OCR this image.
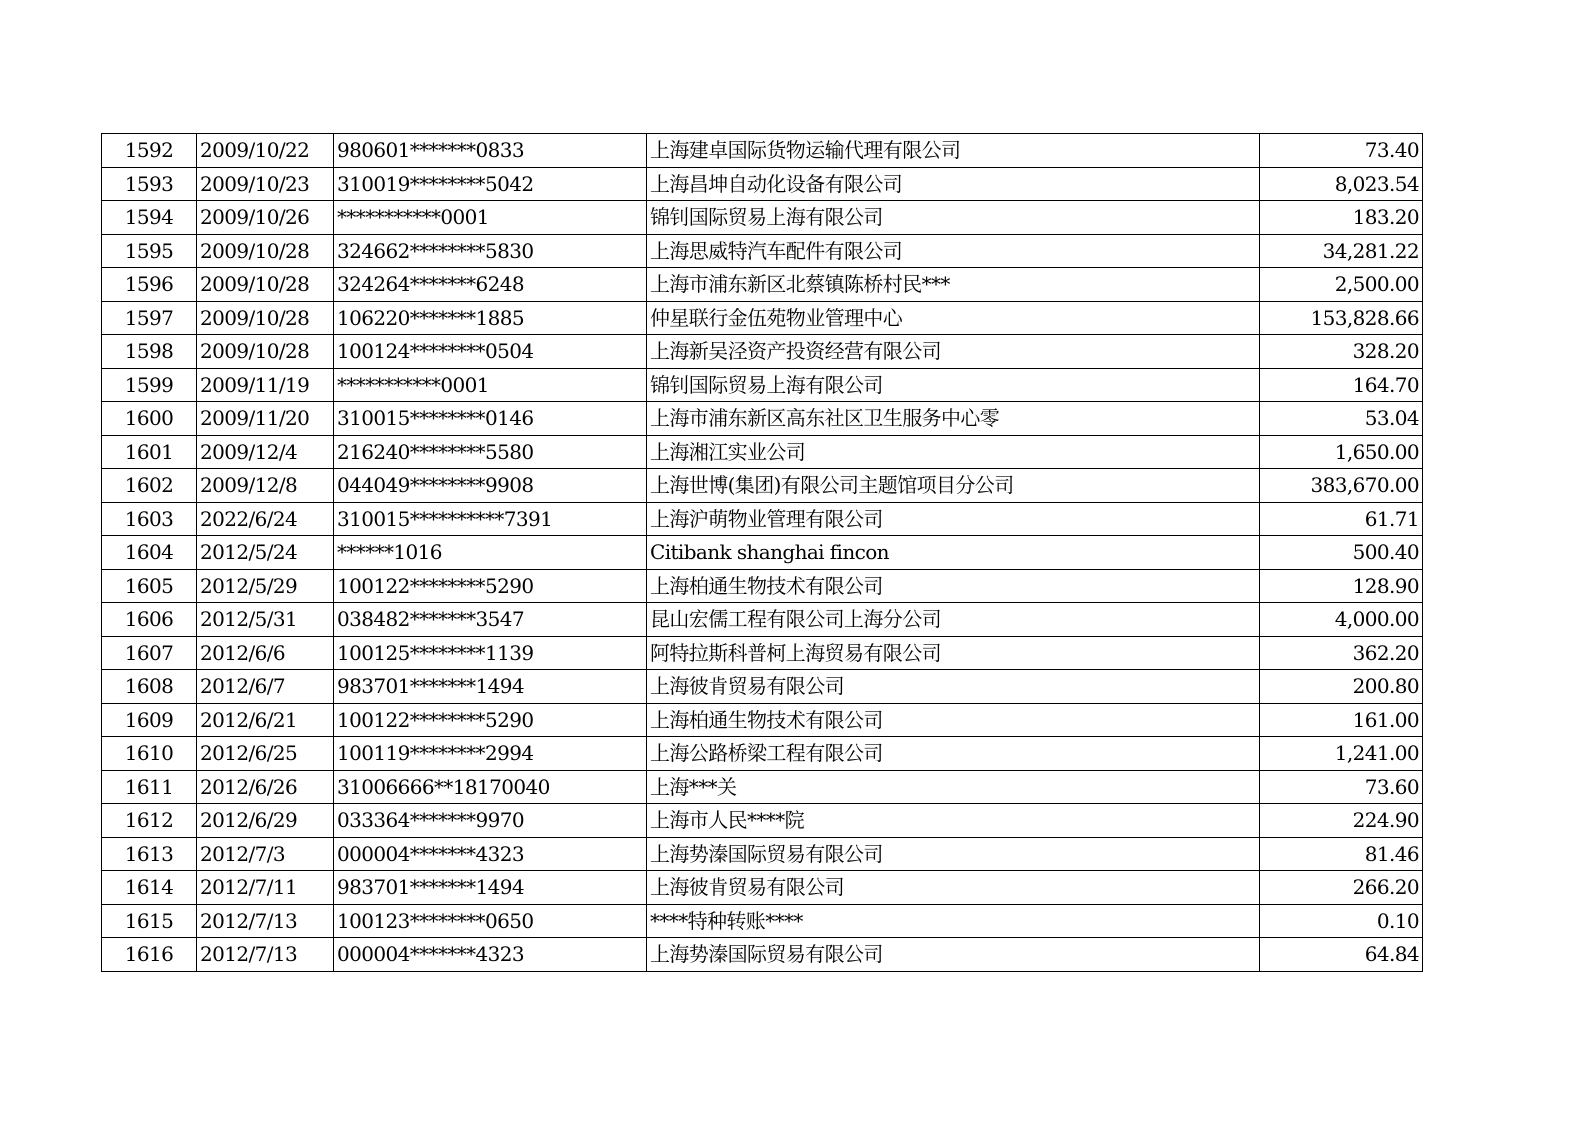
1592	2009/10/22	980601*******0833	上海建卓国际货物运输代理有限公司	73.40
1593	2009/10/23	310019********5042	上海昌坤自动化设备有限公司	8,023.54
1594	2009/10/26	***********0001	锦钊国际贸易上海有限公司	183.20
1595	2009/10/28	324662********5830	上海思威特汽车配件有限公司	34,281.22
1596	2009/10/28	324264*******6248	上海市浦东新区北蔡镇陈桥村民***	2,500.00
1597	2009/10/28	106220*******1885	仲星联行金伍苑物业管理中心	153,828.66
1598	2009/10/28	100124********0504	上海新吴泾资产投资经营有限公司	328.20
1599	2009/11/19	***********0001	锦钊国际贸易上海有限公司	164.70
1600	2009/11/20	310015********0146	上海市浦东新区高东社区卫生服务中心零	53.04
1601	2009/12/4	216240********5580	上海湘江实业公司	1,650.00
1602	2009/12/8	044049********9908	上海世博(集团)有限公司主题馆项目分公司	383,670.00
1603	2022/6/24	310015**********7391	上海沪萌物业管理有限公司	61.71
1604	2012/5/24	******1016	Citibank shanghai fincon	500.40
1605	2012/5/29	100122********5290	上海柏通生物技术有限公司	128.90
1606	2012/5/31	038482*******3547	昆山宏儒工程有限公司上海分公司	4,000.00
1607	2012/6/6	100125********1139	阿特拉斯科普柯上海贸易有限公司	362.20
1608	2012/6/7	983701*******1494	上海彼肯贸易有限公司	200.80
1609	2012/6/21	100122********5290	上海柏通生物技术有限公司	161.00
1610	2012/6/25	100119********2994	上海公路桥梁工程有限公司	1,241.00
1611	2012/6/26	31006666**18170040	上海***关	73.60
1612	2012/6/29	033364*******9970	上海市人民****院	224.90
1613	2012/7/3	000004*******4323	上海势溱国际贸易有限公司	81.46
1614	2012/7/11	983701*******1494	上海彼肯贸易有限公司	266.20
1615	2012/7/13	100123********0650	****特种转账****	0.10
1616	2012/7/13	000004*******4323	上海势溱国际贸易有限公司	64.84
